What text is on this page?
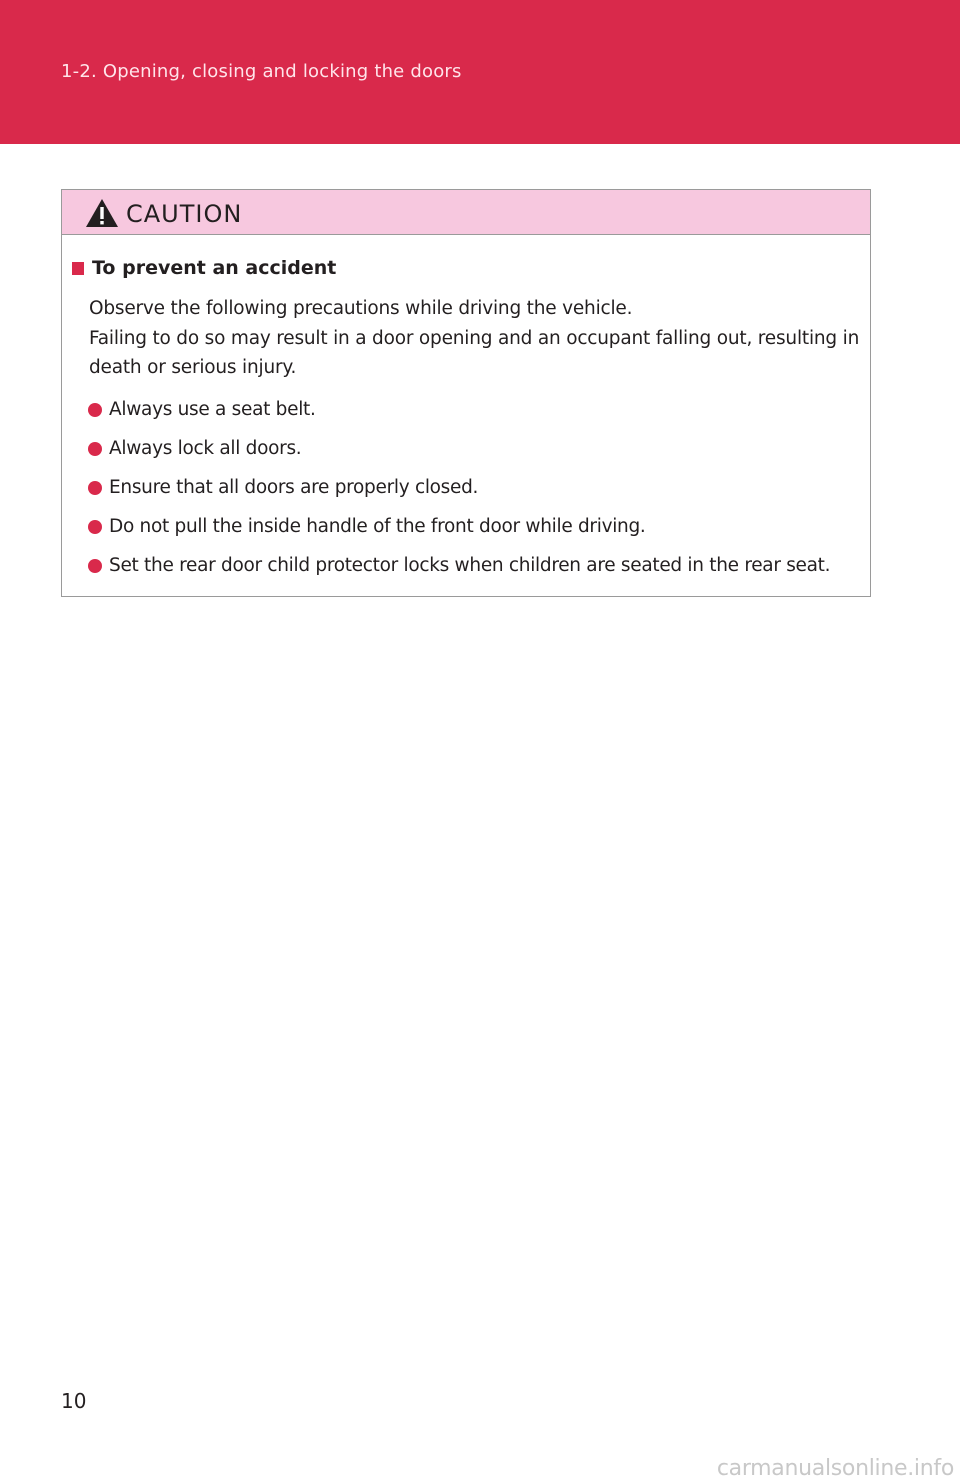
1-2. Opening, closing and locking the doors
CAUTION
To prevent an accident

Observe the following precautions while driving the vehicle.

Failing to do so may result in a door opening and an occupant falling out, resulting in death or serious injury.

Always use a seat belt.
Always lock all doors.
Ensure that all doors are properly closed.
Do not pull the inside handle of the front door while driving.
Set the rear door child protector locks when children are seated in the rear seat.
10
carmanualsonline.info
